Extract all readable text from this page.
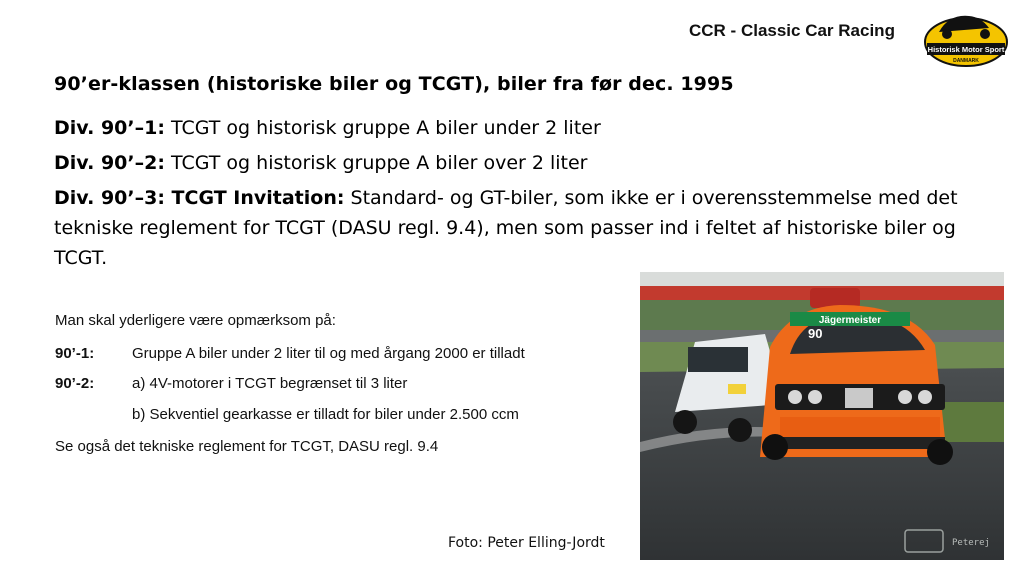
CCR - Classic Car Racing
Historisk Motor Sport
DANMARK
90’er-klassen (historiske biler og TCGT), biler fra før dec. 1995
Div. 90’–1: TCGT og historisk gruppe A biler under 2 liter
Div. 90’–2: TCGT og historisk gruppe A biler over 2 liter
Div. 90’–3: TCGT Invitation: Standard- og GT-biler, som ikke er i overensstemmelse med det tekniske reglement for TCGT (DASU regl. 9.4), men som passer ind i feltet af historiske biler og TCGT.
Man skal yderligere være opmærksom på:
90’-1:	Gruppe A biler under 2 liter til og med årgang 2000 er tilladt
90’-2:	a) 4V-motorer i TCGT begrænset til 3 liter
b) Sekventiel gearkasse er tilladt for biler under 2.500 ccm
Se også det tekniske reglement for TCGT, DASU regl. 9.4
Jägermeister
90
Peterej
Foto: Peter Elling-Jordt
